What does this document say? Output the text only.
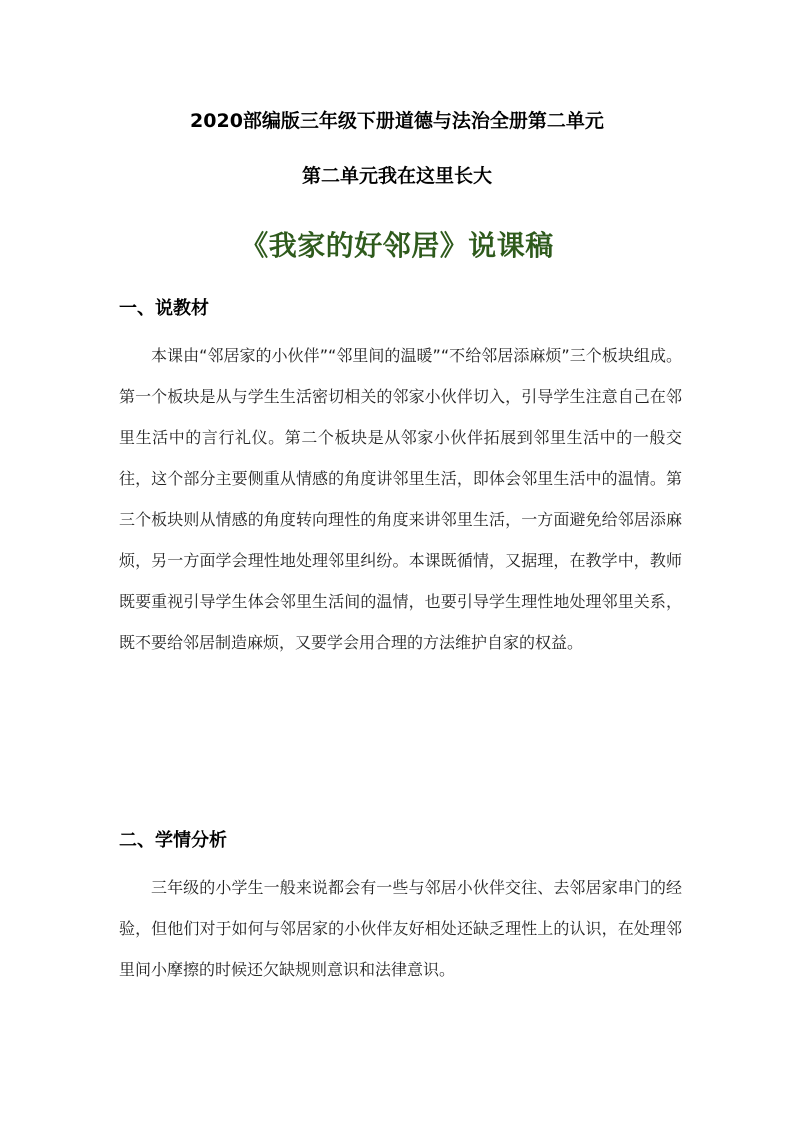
2020部编版三年级下册道德与法治全册第二单元
第二单元我在这里长大
《我家的好邻居》说课稿
一、说教材

本课由“邻居家的小伙伴”“邻里间的温暖”“不给邻居添麻烦”三个板块组成。第一个板块是从与学生生活密切相关的邻家小伙伴切入，引导学生注意自己在邻里生活中的言行礼仪。第二个板块是从邻家小伙伴拓展到邻里生活中的一般交往，这个部分主要侧重从情感的角度讲邻里生活，即体会邻里生活中的温情。第三个板块则从情感的角度转向理性的角度来讲邻里生活，一方面避免给邻居添麻烦，另一方面学会理性地处理邻里纠纷。本课既循情，又据理，在教学中，教师既要重视引导学生体会邻里生活间的温情，也要引导学生理性地处理邻里关系，既不要给邻居制造麻烦，又要学会用合理的方法维护自家的权益。

二、学情分析

三年级的小学生一般来说都会有一些与邻居小伙伴交往、去邻居家串门的经验，但他们对于如何与邻居家的小伙伴友好相处还缺乏理性上的认识，在处理邻里间小摩擦的时候还欠缺规则意识和法律意识。
